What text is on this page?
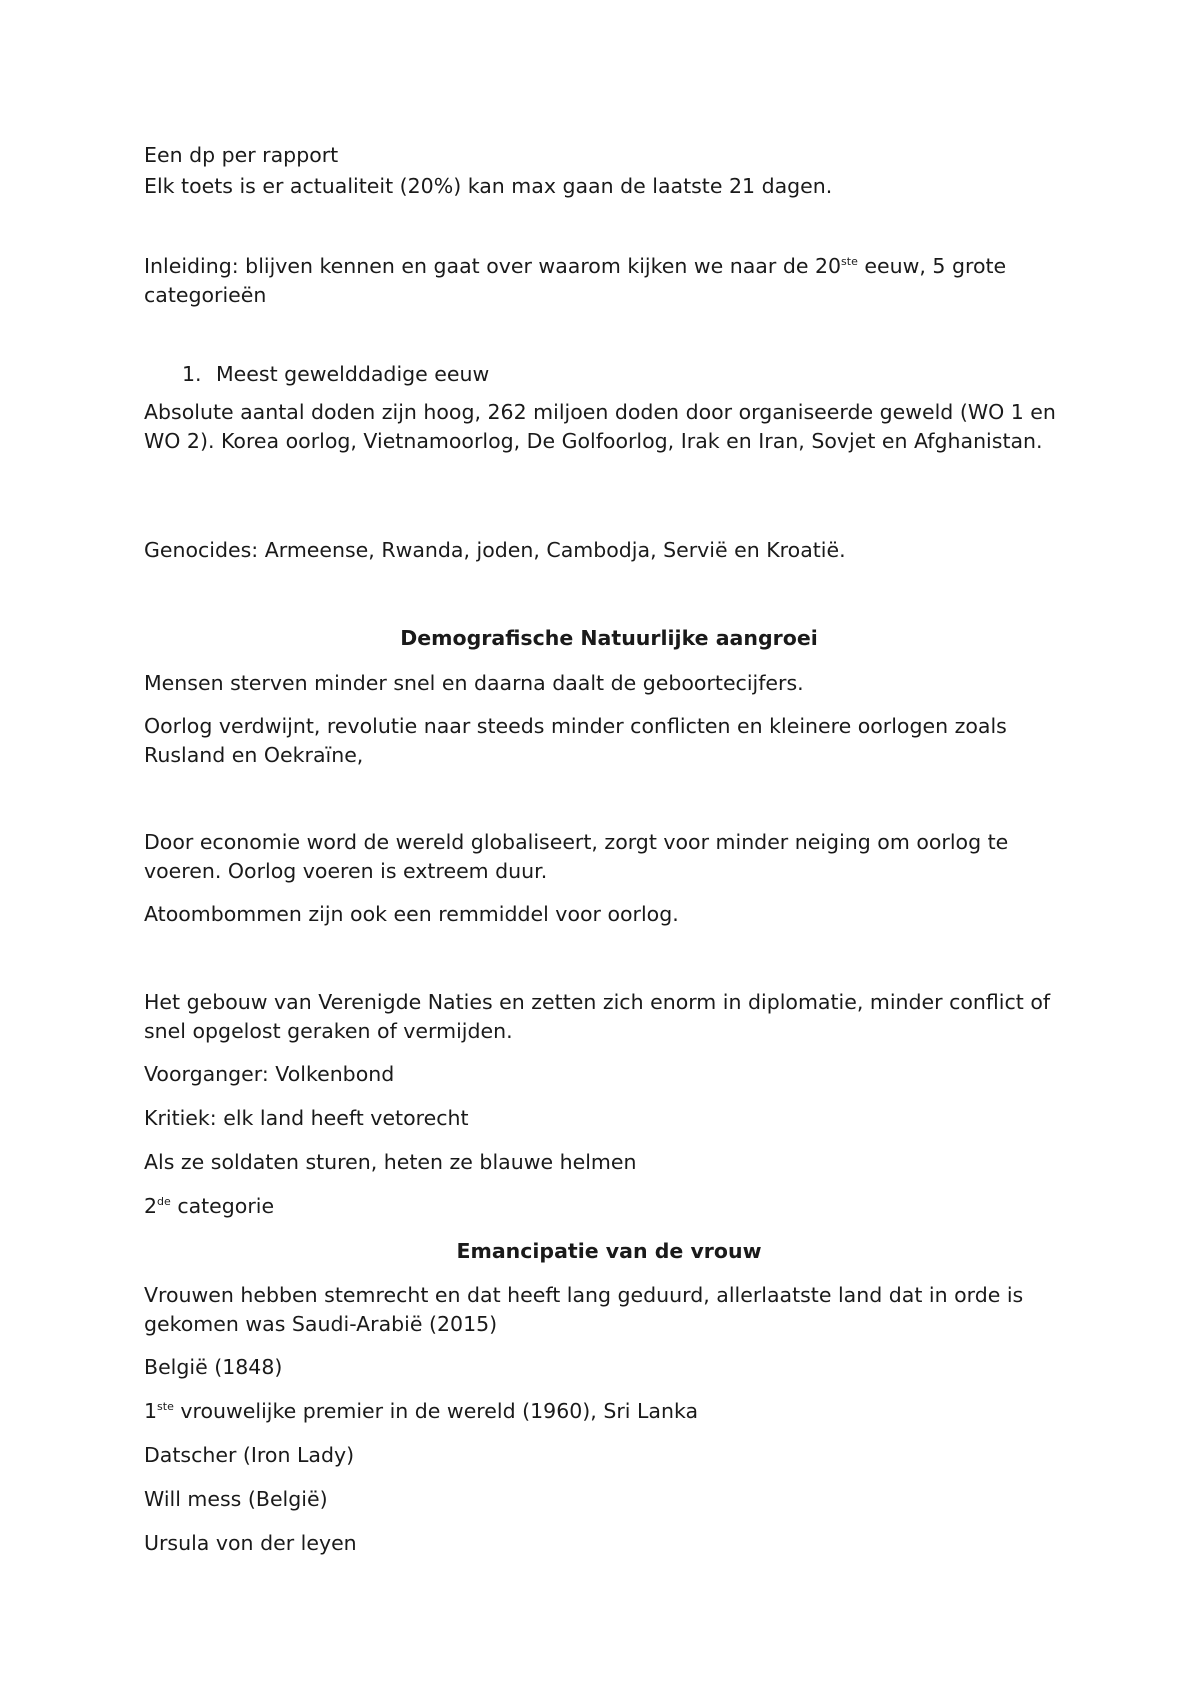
Een dp per rapport

Elk toets is er actualiteit (20%) kan max gaan de laatste 21 dagen.

Inleiding: blijven kennen en gaat over waarom kijken we naar de 20ste eeuw, 5 grote categorieën

1. Meest gewelddadige eeuw

Absolute aantal doden zijn hoog, 262 miljoen doden door organiseerde geweld (WO 1 en WO 2). Korea oorlog, Vietnamoorlog, De Golfoorlog, Irak en Iran, Sovjet en Afghanistan.

Genocides: Armeense, Rwanda, joden, Cambodja, Servië en Kroatië.

Demografische Natuurlijke aangroei

Mensen sterven minder snel en daarna daalt de geboortecijfers.

Oorlog verdwijnt, revolutie naar steeds minder conflicten en kleinere oorlogen zoals Rusland en Oekraïne,

Door economie word de wereld globaliseert, zorgt voor minder neiging om oorlog te voeren. Oorlog voeren is extreem duur.

Atoombommen zijn ook een remmiddel voor oorlog.

Het gebouw van Verenigde Naties en zetten zich enorm in diplomatie, minder conflict of snel opgelost geraken of vermijden.

Voorganger: Volkenbond

Kritiek: elk land heeft vetorecht

Als ze soldaten sturen, heten ze blauwe helmen

2de categorie

Emancipatie van de vrouw

Vrouwen hebben stemrecht en dat heeft lang geduurd, allerlaatste land dat in orde is gekomen was Saudi-Arabië (2015)

België (1848)

1ste vrouwelijke premier in de wereld (1960), Sri Lanka

Datscher (Iron Lady)

Will mess (België)

Ursula von der leyen
